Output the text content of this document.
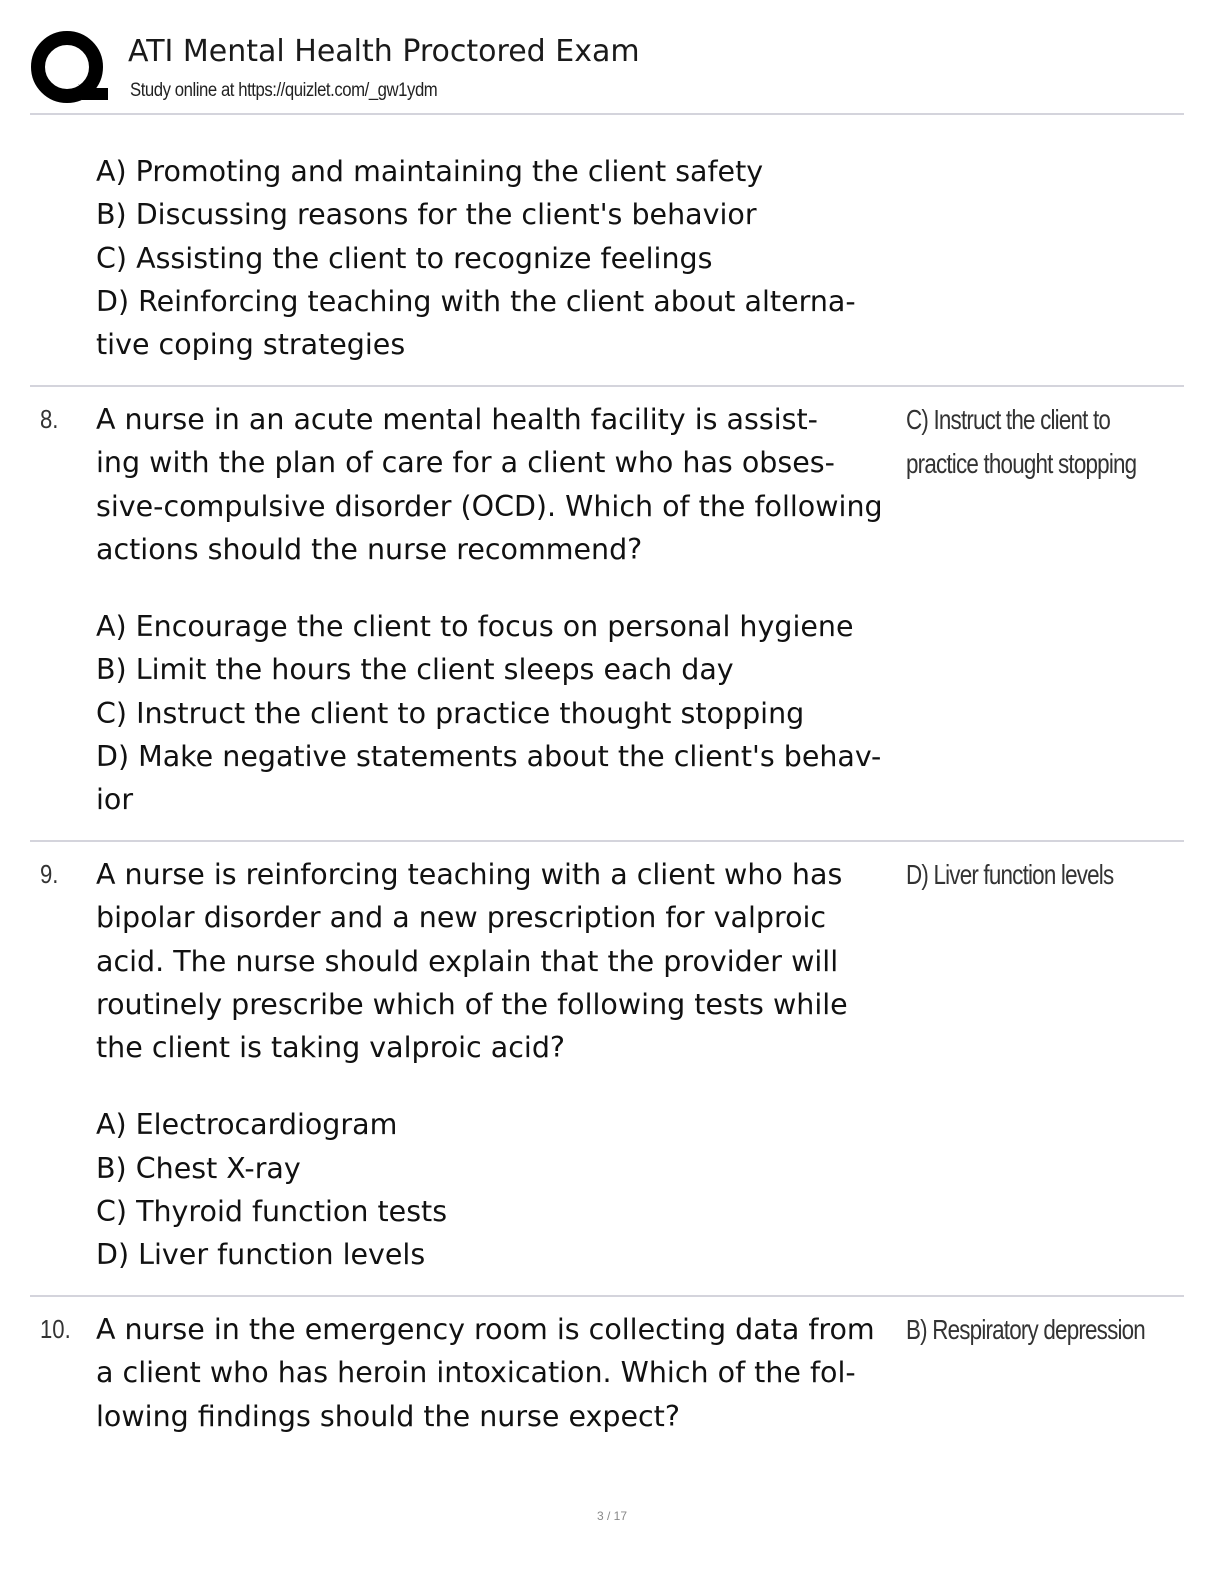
ATI Mental Health Proctored Exam
Study online at https://quizlet.com/_gw1ydm
A) Promoting and maintaining the client safety
B) Discussing reasons for the client's behavior
C) Assisting the client to recognize feelings
D) Reinforcing teaching with the client about alterna-
tive coping strategies
8. A nurse in an acute mental health facility is assist-
ing with the plan of care for a client who has obses-
sive-compulsive disorder (OCD). Which of the following
actions should the nurse recommend?
A) Encourage the client to focus on personal hygiene
B) Limit the hours the client sleeps each day
C) Instruct the client to practice thought stopping
D) Make negative statements about the client's behav-
ior
C) Instruct the client to
practice thought stopping
9. A nurse is reinforcing teaching with a client who has
bipolar disorder and a new prescription for valproic
acid. The nurse should explain that the provider will
routinely prescribe which of the following tests while
the client is taking valproic acid?
A) Electrocardiogram
B) Chest X-ray
C) Thyroid function tests
D) Liver function levels
D) Liver function levels
10. A nurse in the emergency room is collecting data from
a client who has heroin intoxication. Which of the fol-
lowing findings should the nurse expect?
B) Respiratory depression
3 / 17
